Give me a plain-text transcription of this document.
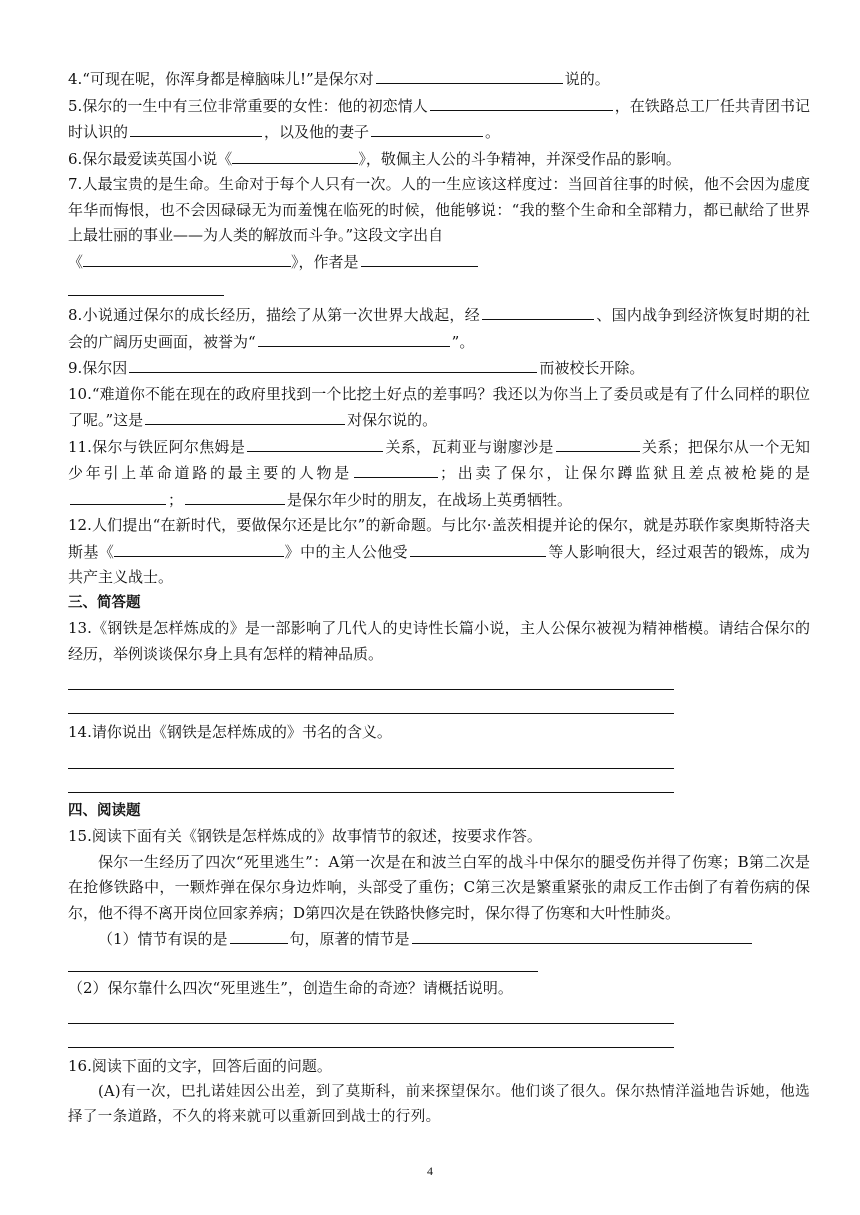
4.“可现在呢，你浑身都是樟脑味儿!”是保尔对	说的。

5.保尔的一生中有三位非常重要的女性：他的初恋情人	，在铁路总工厂任共青团书记时认识的	，以及他的妻子	。

6.保尔最爱读英国小说《	》，敬佩主人公的斗争精神，并深受作品的影响。

7.人最宝贵的是生命。生命对于每个人只有一次。人的一生应该这样度过：当回首往事的时候，他不会因为虚度年华而悔恨，也不会因碌碌无为而羞愧在临死的时候，他能够说：“我的整个生命和全部精力，都已献给了世界上最壮丽的事业——为人类的解放而斗争。”这段文字出自
《	》，作者是

8.小说通过保尔的成长经历，描绘了从第一次世界大战起，经	、国内战争到经济恢复时期的社会的广阔历史画面，被誉为“	”。

9.保尔因	而被校长开除。

10.“难道你不能在现在的政府里找到一个比挖土好点的差事吗？我还以为你当上了委员或是有了什么同样的职位了呢。”这是	对保尔说的。

11.保尔与铁匠阿尔焦姆是	关系，瓦莉亚与谢廖沙是	关系；把保尔从一个无知少年引上革命道路的最主要的人物是	；出卖了保尔，让保尔蹲监狱且差点被枪毙的是；	是保尔年少时的朋友，在战场上英勇牺牲。

12.人们提出“在新时代，要做保尔还是比尔”的新命题。与比尔·盖茨相提并论的保尔，就是苏联作家奥斯特洛夫斯基《	》中的主人公他受	等人影响很大，经过艰苦的锻炼，成为共产主义战士。

三、简答题

13.《钢铁是怎样炼成的》是一部影响了几代人的史诗性长篇小说，主人公保尔被视为精神楷模。请结合保尔的经历，举例谈谈保尔身上具有怎样的精神品质。

14.请你说出《钢铁是怎样炼成的》书名的含义。

四、阅读题

15.阅读下面有关《钢铁是怎样炼成的》故事情节的叙述，按要求作答。

保尔一生经历了四次“死里逃生”：A第一次是在和波兰白军的战斗中保尔的腿受伤并得了伤寒；B第二次是在抢修铁路中，一颗炸弹在保尔身边炸响，头部受了重伤；C第三次是繁重紧张的肃反工作击倒了有着伤病的保尔，他不得不离开岗位回家养病；D第四次是在铁路快修完时，保尔得了伤寒和大叶性肺炎。

（1）情节有误的是	句，原著的情节是

（2）保尔靠什么四次“死里逃生”，创造生命的奇迹？请概括说明。

16.阅读下面的文字，回答后面的问题。

(A)有一次，巴扎诺娃因公出差，到了莫斯科，前来探望保尔。他们谈了很久。保尔热情洋溢地告诉她，他选择了一条道路，不久的将来就可以重新回到战士的行列。

4
